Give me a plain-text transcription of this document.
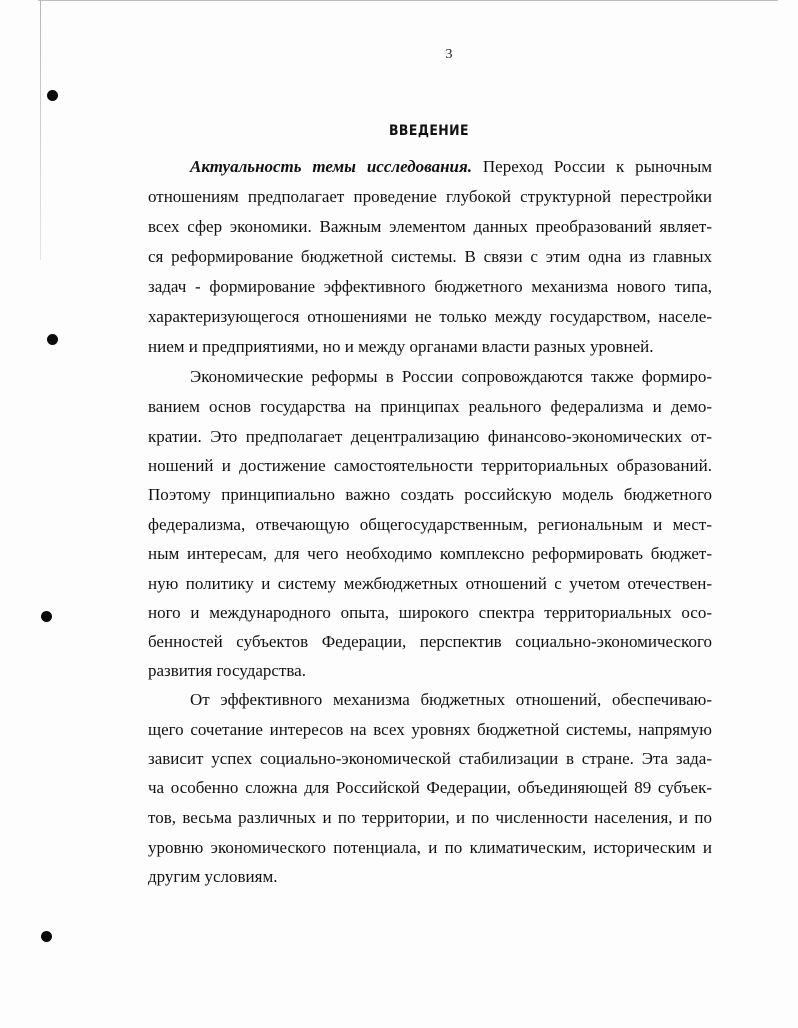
3
ВВЕДЕНИЕ
Актуальность темы исследования. Переход России к рыночным
отношениям предполагает проведение глубокой структурной перестройки
всех сфер экономики. Важным элементом данных преобразований являет-
ся реформирование бюджетной системы. В связи с этим одна из главных
задач - формирование эффективного бюджетного механизма нового типа,
характеризующегося отношениями не только между государством, населе-
нием и предприятиями, но и между органами власти разных уровней.
Экономические реформы в России сопровождаются также формиро-
ванием основ государства на принципах реального федерализма и демо-
кратии. Это предполагает децентрализацию финансово-экономических от-
ношений и достижение самостоятельности территориальных образований.
Поэтому принципиально важно создать российскую модель бюджетного
федерализма, отвечающую общегосударственным, региональным и мест-
ным интересам, для чего необходимо комплексно реформировать бюджет-
ную политику и систему межбюджетных отношений с учетом отечествен-
ного и международного опыта, широкого спектра территориальных осо-
бенностей субъектов Федерации, перспектив социально-экономического
развития государства.
От эффективного механизма бюджетных отношений, обеспечиваю-
щего сочетание интересов на всех уровнях бюджетной системы, напрямую
зависит успех социально-экономической стабилизации в стране. Эта зада-
ча особенно сложна для Российской Федерации, объединяющей 89 субъек-
тов, весьма различных и по территории, и по численности населения, и по
уровню экономического потенциала, и по климатическим, историческим и
другим условиям.
